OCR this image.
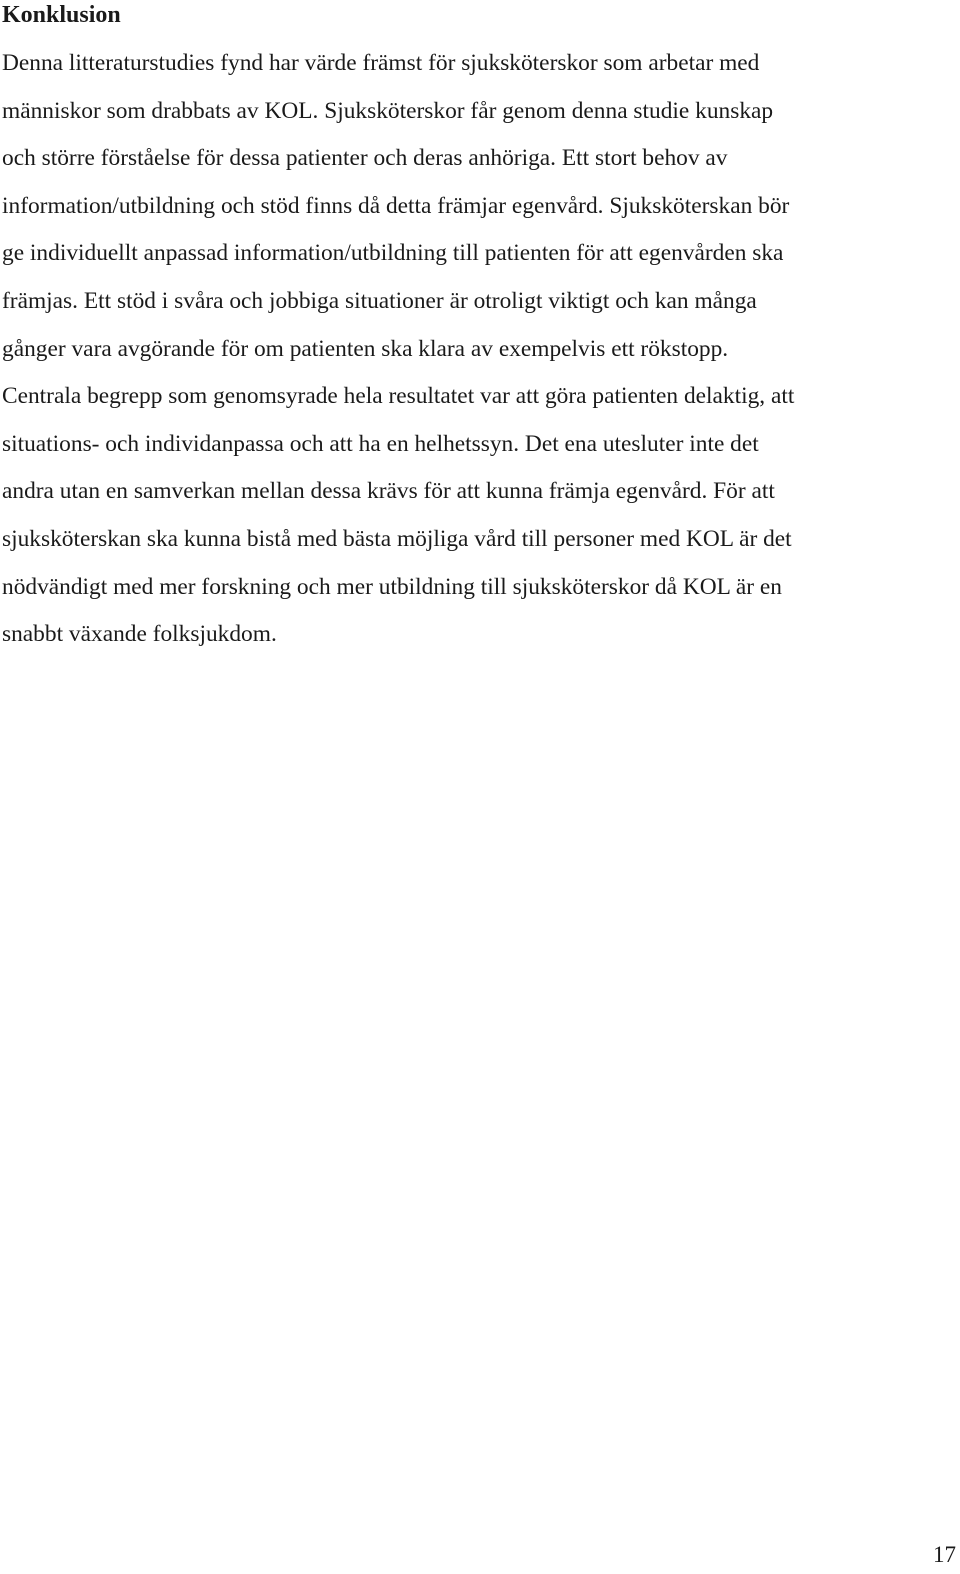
Konklusion
Denna litteraturstudies fynd har värde främst för sjuksköterskor som arbetar med
människor som drabbats av KOL. Sjuksköterskor får genom denna studie kunskap
och större förståelse för dessa patienter och deras anhöriga. Ett stort behov av
information/utbildning och stöd finns då detta främjar egenvård. Sjuksköterskan bör
ge individuellt anpassad information/utbildning till patienten för att egenvården ska
främjas. Ett stöd i svåra och jobbiga situationer är otroligt viktigt och kan många
gånger vara avgörande för om patienten ska klara av exempelvis ett rökstopp.
Centrala begrepp som genomsyrade hela resultatet var att göra patienten delaktig, att
situations- och individanpassa och att ha en helhetssyn. Det ena utesluter inte det
andra utan en samverkan mellan dessa krävs för att kunna främja egenvård. För att
sjuksköterskan ska kunna bistå med bästa möjliga vård till personer med KOL är det
nödvändigt med mer forskning och mer utbildning till sjuksköterskor då KOL är en
snabbt växande folksjukdom.
17
